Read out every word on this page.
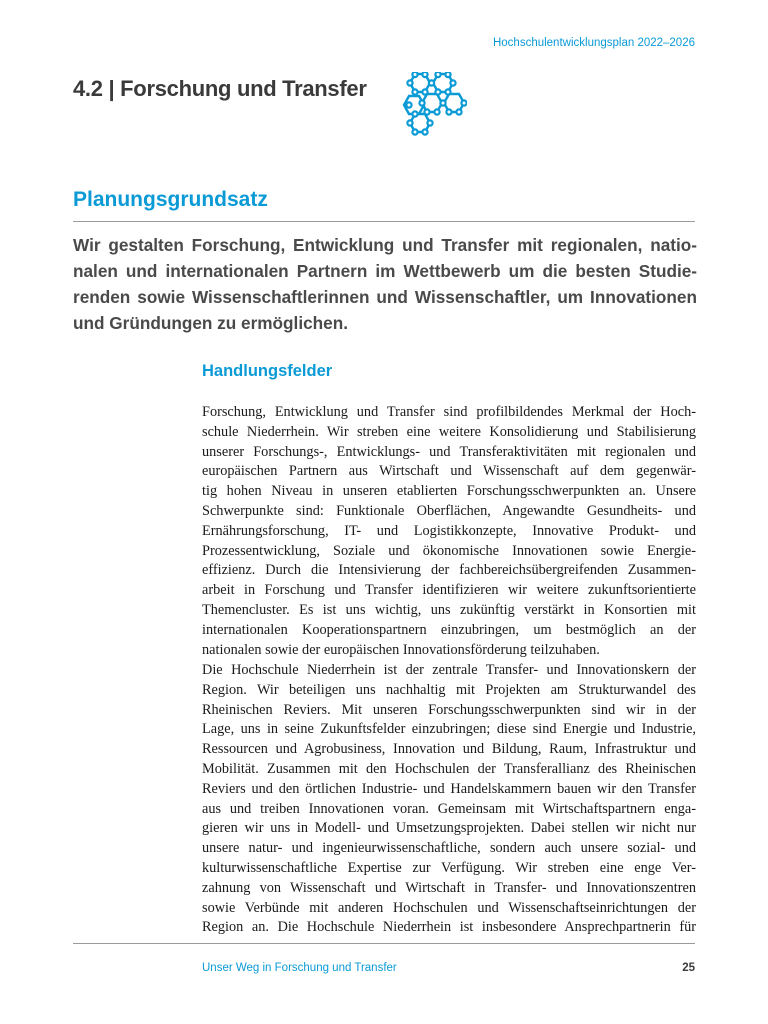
Hochschulentwicklungsplan 2022–2026
4.2 | Forschung und Transfer
Planungsgrundsatz

Wir gestalten Forschung, Entwicklung und Transfer mit regionalen, natio-
nalen und internationalen Partnern im Wettbewerb um die besten Studie-
renden sowie Wissenschaftlerinnen und Wissenschaftler, um Innovationen
und Gründungen zu ermöglichen.

Handlungsfelder
Forschung, Entwicklung und Transfer sind profilbildendes Merkmal der Hoch-
schule Niederrhein. Wir streben eine weitere Konsolidierung und Stabilisierung
unserer Forschungs-, Entwicklungs- und Transferaktivitäten mit regionalen und
europäischen Partnern aus Wirtschaft und Wissenschaft auf dem gegenwär-
tig hohen Niveau in unseren etablierten Forschungsschwerpunkten an. Unsere
Schwerpunkte sind: Funktionale Oberflächen, Angewandte Gesundheits- und
Ernährungsforschung, IT- und Logistikkonzepte, Innovative Produkt- und
Prozessentwicklung, Soziale und ökonomische Innovationen sowie Energie-
effizienz. Durch die Intensivierung der fachbereichsübergreifenden Zusammen-
arbeit in Forschung und Transfer identifizieren wir weitere zukunftsorientierte
Themencluster. Es ist uns wichtig, uns zukünftig verstärkt in Konsortien mit
internationalen Kooperationspartnern einzubringen, um bestmöglich an der
nationalen sowie der europäischen Innovationsförderung teilzuhaben.
Die Hochschule Niederrhein ist der zentrale Transfer- und Innovationskern der
Region. Wir beteiligen uns nachhaltig mit Projekten am Strukturwandel des
Rheinischen Reviers. Mit unseren Forschungsschwerpunkten sind wir in der
Lage, uns in seine Zukunftsfelder einzubringen; diese sind Energie und Industrie,
Ressourcen und Agrobusiness, Innovation und Bildung, Raum, Infrastruktur und
Mobilität. Zusammen mit den Hochschulen der Transferallianz des Rheinischen
Reviers und den örtlichen Industrie- und Handelskammern bauen wir den Transfer
aus und treiben Innovationen voran. Gemeinsam mit Wirtschaftspartnern enga-
gieren wir uns in Modell- und Umsetzungsprojekten. Dabei stellen wir nicht nur
unsere natur- und ingenieurwissenschaftliche, sondern auch unsere sozial- und
kulturwissenschaftliche Expertise zur Verfügung. Wir streben eine enge Ver-
zahnung von Wissenschaft und Wirtschaft in Transfer- und Innovationszentren
sowie Verbünde mit anderen Hochschulen und Wissenschaftseinrichtungen der
Region an. Die Hochschule Niederrhein ist insbesondere Ansprechpartnerin für
Unser Weg in Forschung und Transfer	25
